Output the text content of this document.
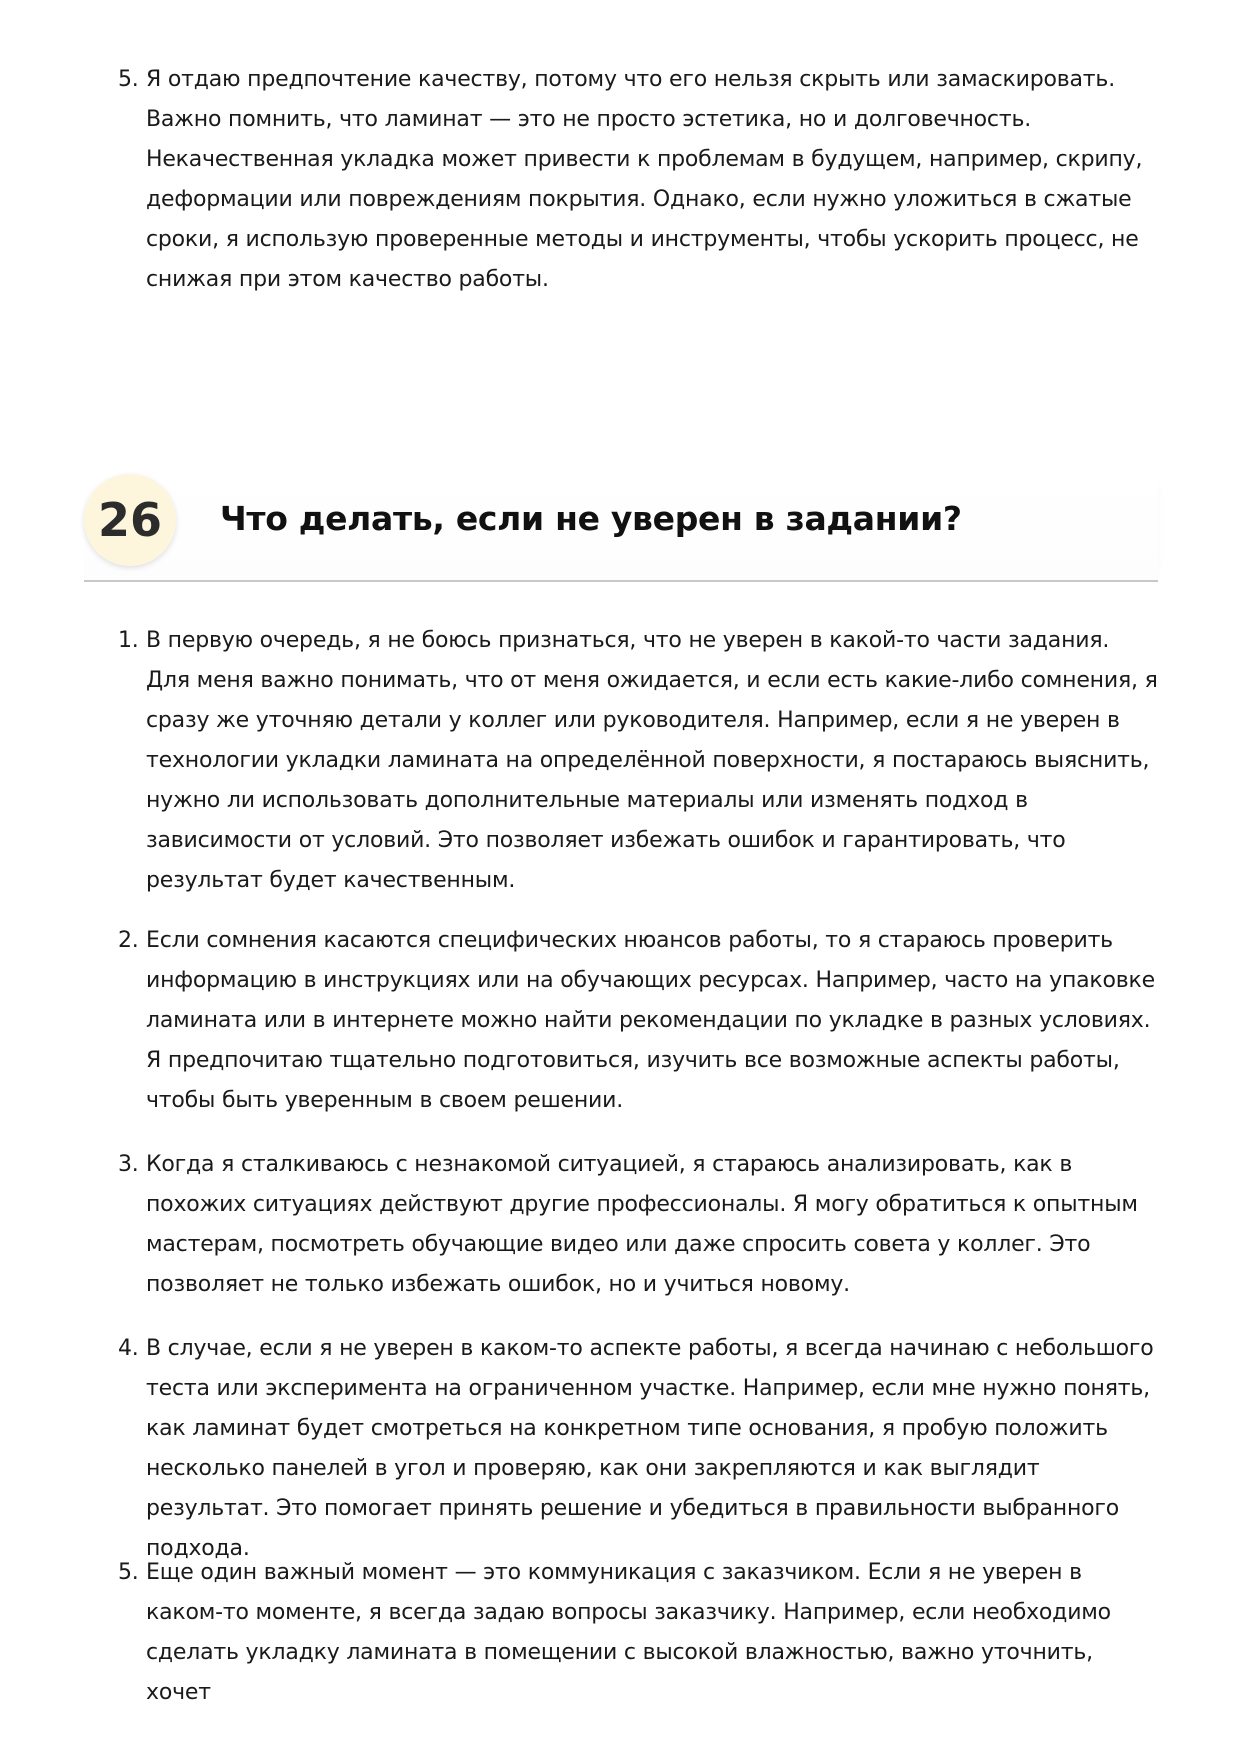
5. Я отдаю предпочтение качеству, потому что его нельзя скрыть или замаскировать. Важно помнить, что ламинат — это не просто эстетика, но и долговечность. Некачественная укладка может привести к проблемам в будущем, например, скрипу, деформации или повреждениям покрытия. Однако, если нужно уложиться в сжатые сроки, я использую проверенные методы и инструменты, чтобы ускорить процесс, не снижая при этом качество работы.
26	Что делать, если не уверен в задании?
1. В первую очередь, я не боюсь признаться, что не уверен в какой-то части задания. Для меня важно понимать, что от меня ожидается, и если есть какие-либо сомнения, я сразу же уточняю детали у коллег или руководителя. Например, если я не уверен в технологии укладки ламината на определённой поверхности, я постараюсь выяснить, нужно ли использовать дополнительные материалы или изменять подход в зависимости от условий. Это позволяет избежать ошибок и гарантировать, что результат будет качественным.
2. Если сомнения касаются специфических нюансов работы, то я стараюсь проверить информацию в инструкциях или на обучающих ресурсах. Например, часто на упаковке ламината или в интернете можно найти рекомендации по укладке в разных условиях. Я предпочитаю тщательно подготовиться, изучить все возможные аспекты работы, чтобы быть уверенным в своем решении.
3. Когда я сталкиваюсь с незнакомой ситуацией, я стараюсь анализировать, как в похожих ситуациях действуют другие профессионалы. Я могу обратиться к опытным мастерам, посмотреть обучающие видео или даже спросить совета у коллег. Это позволяет не только избежать ошибок, но и учиться новому.
4. В случае, если я не уверен в каком-то аспекте работы, я всегда начинаю с небольшого теста или эксперимента на ограниченном участке. Например, если мне нужно понять, как ламинат будет смотреться на конкретном типе основания, я пробую положить несколько панелей в угол и проверяю, как они закрепляются и как выглядит результат. Это помогает принять решение и убедиться в правильности выбранного подхода.
5. Еще один важный момент — это коммуникация с заказчиком. Если я не уверен в каком-то моменте, я всегда задаю вопросы заказчику. Например, если необходимо сделать укладку ламината в помещении с высокой влажностью, важно уточнить, хочет
